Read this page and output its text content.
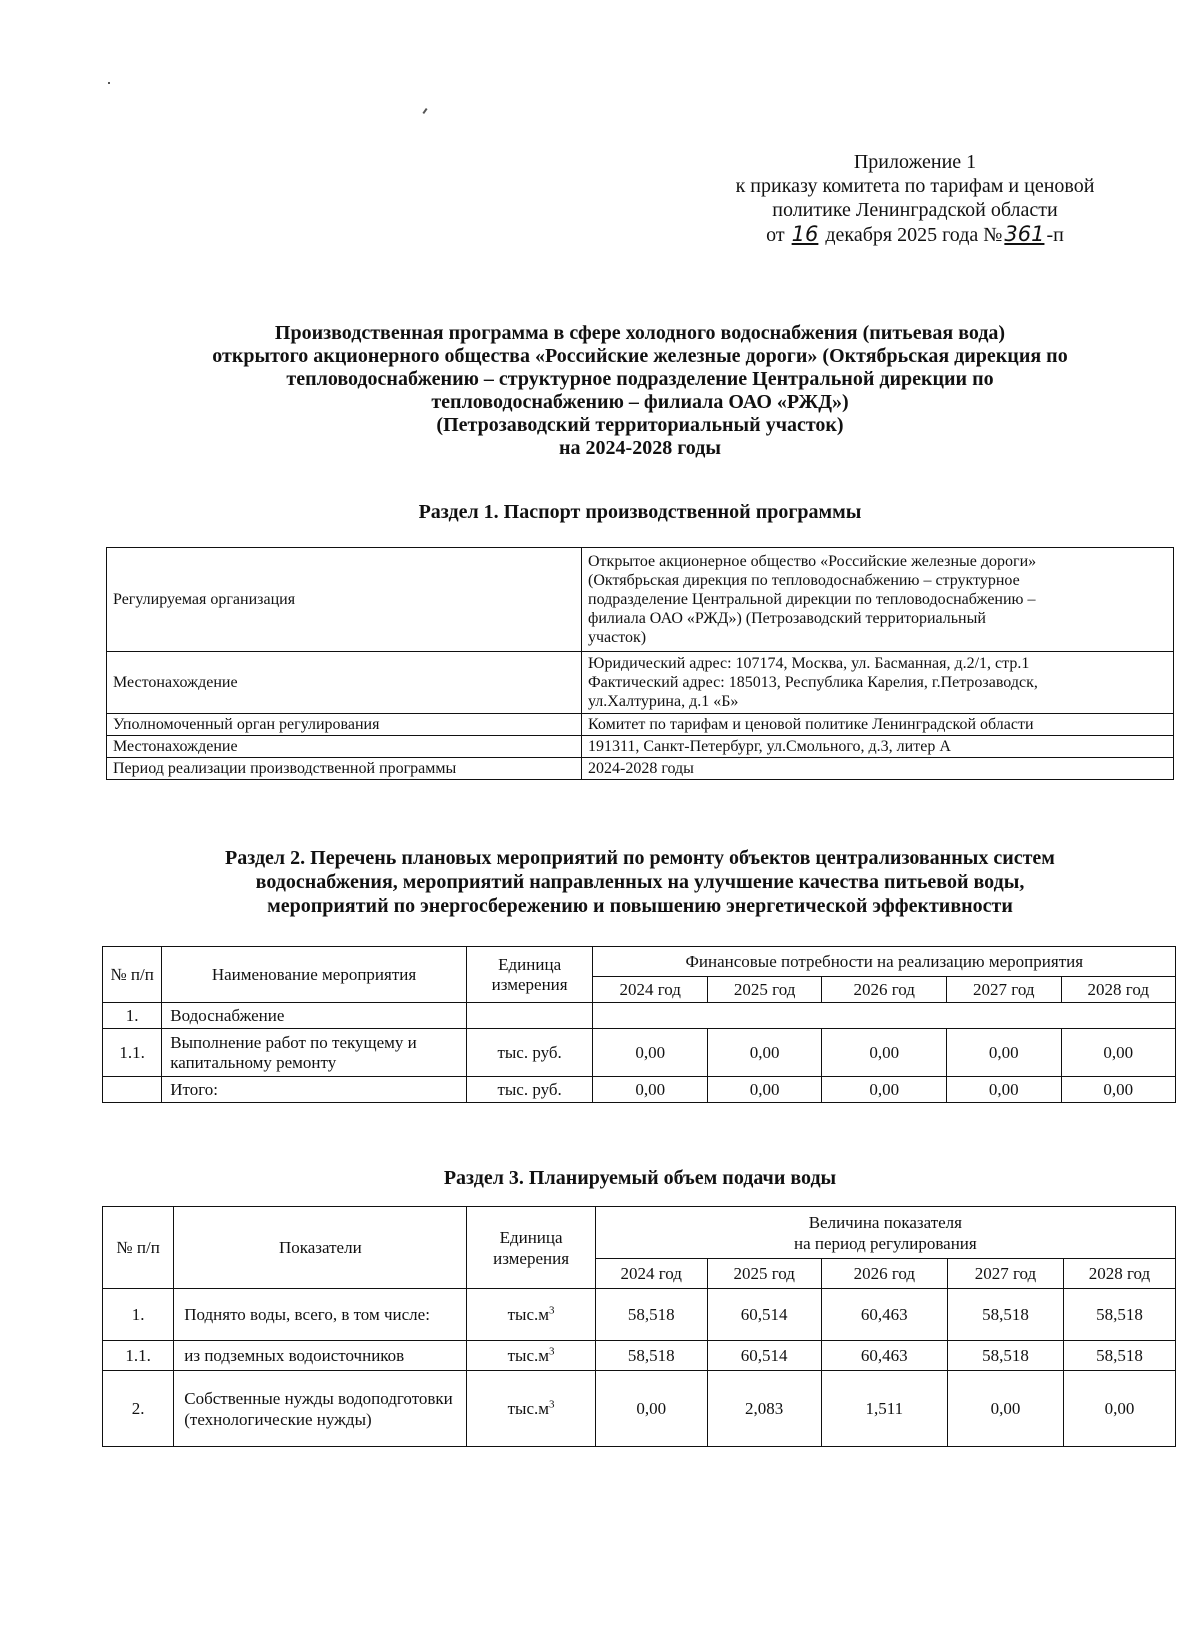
Приложение 1
к приказу комитета по тарифам и ценовой
политике Ленинградской области
от 16 декабря 2025 года №361 -п
Производственная программа в сфере холодного водоснабжения (питьевая вода)
открытого акционерного общества «Российские железные дороги» (Октябрьская дирекция по
тепловодоснабжению – структурное подразделение Центральной дирекции по
тепловодоснабжению – филиала ОАО «РЖД»)
(Петрозаводский территориальный участок)
на 2024-2028 годы
Раздел 1. Паспорт производственной программы
Регулируемая организация	Открытое акционерное общество «Российские железные дороги»
(Октябрьская дирекция по тепловодоснабжению – структурное
подразделение Центральной дирекции по тепловодоснабжению –
филиала ОАО «РЖД») (Петрозаводский территориальный
участок)

Местонахождение	Юридический адрес: 107174, Москва, ул. Басманная, д.2/1, стр.1
Фактический адрес: 185013, Республика Карелия, г.Петрозаводск,
ул.Халтурина, д.1 «Б»

Уполномоченный орган регулирования	Комитет по тарифам и ценовой политике Ленинградской области
Местонахождение	191311, Санкт-Петербург, ул.Смольного, д.3, литер А
Период реализации производственной программы	2024-2028 годы
Раздел 2. Перечень плановых мероприятий по ремонту объектов централизованных систем
водоснабжения, мероприятий направленных на улучшение качества питьевой воды,
мероприятий по энергосбережению и повышению энергетической эффективности
№ п/п	Наименование мероприятия	Единица измерения	Финансовые потребности на реализацию мероприятия				
			2024 год	2025 год	2026 год	2027 год	2028 год
1.	Водоснабжение						
1.1.	Выполнение работ по текущему и капитальному ремонту	тыс. руб.	0,00	0,00	0,00	0,00	0,00
	Итого:	тыс. руб.	0,00	0,00	0,00	0,00	0,00
Раздел 3. Планируемый объем подачи воды
№ п/п	Показатели	Единица измерения	Величина показателя
на период регулирования				

			2024 год	2025 год	2026 год	2027 год	2028 год
1.	Поднято воды, всего, в том числе:	$тыс.м^3$	58,518	60,514	60,463	58,518	58,518
1.1.	из подземных водоисточников	$тыс.м^3$	58,518	60,514	60,463	58,518	58,518
2.	Собственные нужды водоподготовки (технологические нужды)	$тыс.м^3$	0,00	2,083	1,511	0,00	0,00
